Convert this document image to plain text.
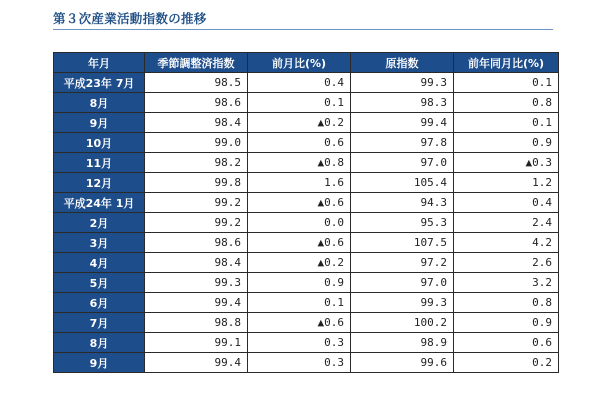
第３次産業活動指数の推移
年月	季節調整済指数	前月比(%)	原指数	前年同月比(%)
平成23年 7月	98.5	0.4	99.3	0.1
8月	98.6	0.1	98.3	0.8
9月	98.4	▲0.2	99.4	0.1
10月	99.0	0.6	97.8	0.9
11月	98.2	▲0.8	97.0	▲0.3
12月	99.8	1.6	105.4	1.2
平成24年 1月	99.2	▲0.6	94.3	0.4
2月	99.2	0.0	95.3	2.4
3月	98.6	▲0.6	107.5	4.2
4月	98.4	▲0.2	97.2	2.6
5月	99.3	0.9	97.0	3.2
6月	99.4	0.1	99.3	0.8
7月	98.8	▲0.6	100.2	0.9
8月	99.1	0.3	98.9	0.6
9月	99.4	0.3	99.6	0.2
